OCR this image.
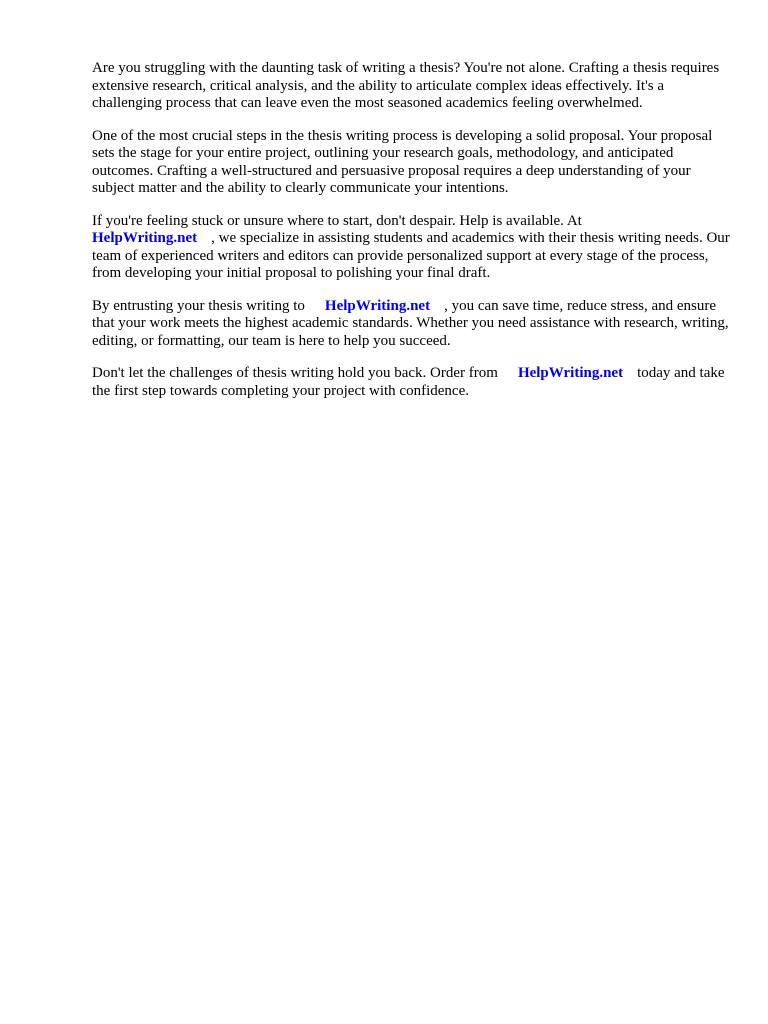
Are you struggling with the daunting task of writing a thesis? You're not alone. Crafting a thesis requires extensive research, critical analysis, and the ability to articulate complex ideas effectively. It's a challenging process that can leave even the most seasoned academics feeling overwhelmed.

One of the most crucial steps in the thesis writing process is developing a solid proposal. Your proposal sets the stage for your entire project, outlining your research goals, methodology, and anticipated outcomes. Crafting a well-structured and persuasive proposal requires a deep understanding of your subject matter and the ability to clearly communicate your intentions.

If you're feeling stuck or unsure where to start, don't despair. Help is available. At
HelpWriting.net , we specialize in assisting students and academics with their thesis writing needs. Our team of experienced writers and editors can provide personalized support at every stage of the process, from developing your initial proposal to polishing your final draft.

By entrusting your thesis writing to HelpWriting.net , you can save time, reduce stress, and ensure that your work meets the highest academic standards. Whether you need assistance with research, writing, editing, or formatting, our team is here to help you succeed.

Don't let the challenges of thesis writing hold you back. Order from HelpWriting.net today and take the first step towards completing your project with confidence.
